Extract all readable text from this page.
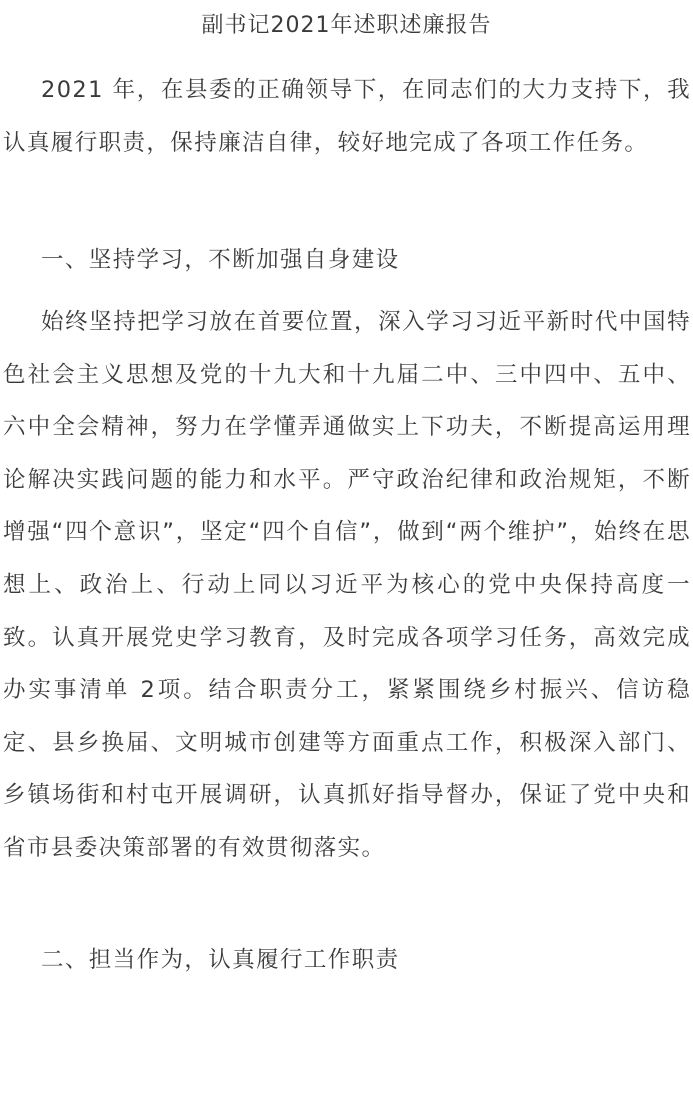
副书记2021年述职述廉报告

2021 年，在县委的正确领导下，在同志们的大力支持下，我认真履行职责，保持廉洁自律，较好地完成了各项工作任务。

一、坚持学习，不断加强自身建设

始终坚持把学习放在首要位置，深入学习习近平新时代中国特色社会主义思想及党的十九大和十九届二中、三中四中、五中、六中全会精神，努力在学懂弄通做实上下功夫，不断提高运用理论解决实践问题的能力和水平。严守政治纪律和政治规矩，不断增强“四个意识”，坚定“四个自信”，做到“两个维护”，始终在思想上、政治上、行动上同以习近平为核心的党中央保持高度一致。认真开展党史学习教育，及时完成各项学习任务，高效完成办实事清单 2项。结合职责分工，紧紧围绕乡村振兴、信访稳定、县乡换届、文明城市创建等方面重点工作，积极深入部门、乡镇场街和村屯开展调研，认真抓好指导督办，保证了党中央和省市县委决策部署的有效贯彻落实。

二、担当作为，认真履行工作职责
